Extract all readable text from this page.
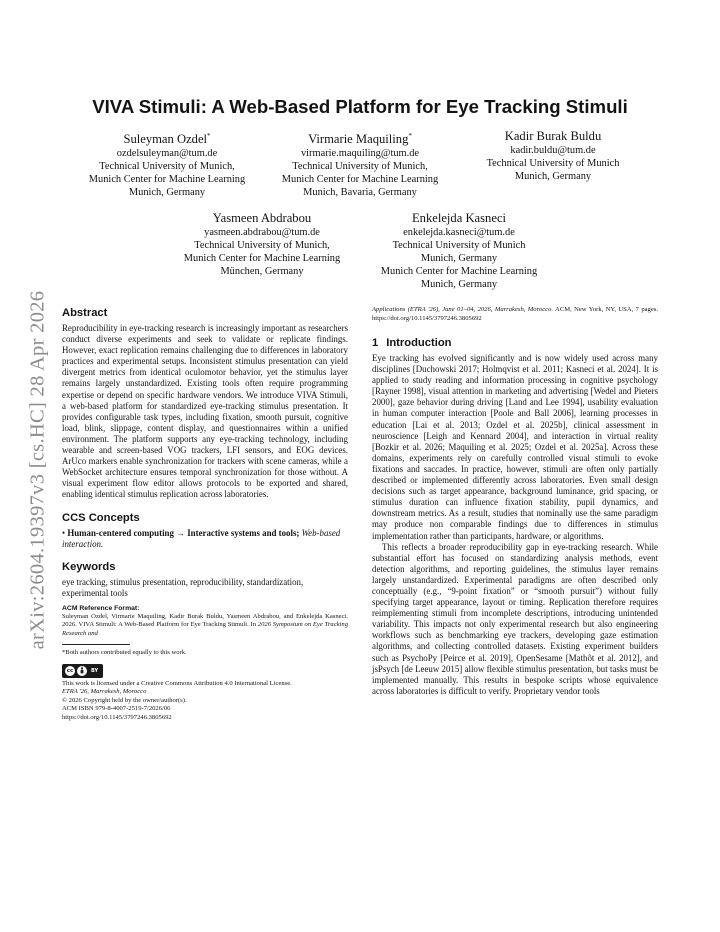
arXiv:2604.19397v3 [cs.HC] 28 Apr 2026
VIVA Stimuli: A Web-Based Platform for Eye Tracking Stimuli
Suleyman Ozdel*
ozdelsuleyman@tum.de
Technical University of Munich,
Munich Center for Machine Learning
Munich, Germany
Virmarie Maquiling*
virmarie.maquiling@tum.de
Technical University of Munich,
Munich Center for Machine Learning
Munich, Bavaria, Germany
Kadir Burak Buldu
kadir.buldu@tum.de
Technical University of Munich
Munich, Germany
Yasmeen Abdrabou
yasmeen.abdrabou@tum.de
Technical University of Munich,
Munich Center for Machine Learning
München, Germany
Enkelejda Kasneci
enkelejda.kasneci@tum.de
Technical University of Munich
Munich, Germany
Munich Center for Machine Learning
Munich, Germany
Abstract

Reproducibility in eye-tracking research is increasingly important as researchers conduct diverse experiments and seek to validate or replicate findings. However, exact replication remains challenging due to differences in laboratory practices and experimental setups. Inconsistent stimulus presentation can yield divergent metrics from identical oculomotor behavior, yet the stimulus layer remains largely unstandardized. Existing tools often require programming expertise or depend on specific hardware vendors. We introduce VIVA Stimuli, a web-based platform for standardized eye-tracking stimulus presentation. It provides configurable task types, including fixation, smooth pursuit, cognitive load, blink, slippage, content display, and questionnaires within a unified environment. The platform supports any eye-tracking technology, including wearable and screen-based VOG trackers, LFI sensors, and EOG devices. ArUco markers enable synchronization for trackers with scene cameras, while a WebSocket architecture ensures temporal synchronization for those without. A visual experiment flow editor allows protocols to be exported and shared, enabling identical stimulus replication across laboratories.

CCS Concepts

• Human-centered computing → Interactive systems and tools; Web-based interaction.

Keywords

eye tracking, stimulus presentation, reproducibility, standardization, experimental tools

ACM Reference Format:

Suleyman Ozdel, Virmarie Maquiling, Kadir Burak Buldu, Yasmeen Abdrabou, and Enkelejda Kasneci. 2026. VIVA Stimuli: A Web-Based Platform for Eye Tracking Stimuli. In 2026 Symposium on Eye Tracking Research and

*Both authors contributed equally to this work.

cc	BY

This work is licensed under a Creative Commons Attribution 4.0 International License.

ETRA '26, Marrakesh, Morocco

© 2026 Copyright held by the owner/author(s).

ACM ISBN 979-8-4007-2519-7/2026/06

https://doi.org/10.1145/3797246.3805692

Applications (ETRA '26), June 01–04, 2026, Marrakesh, Morocco. ACM, New York, NY, USA, 7 pages. https://doi.org/10.1145/3797246.3805692

1 Introduction

Eye tracking has evolved significantly and is now widely used across many disciplines [Duchowski 2017; Holmqvist et al. 2011; Kasneci et al. 2024]. It is applied to study reading and information processing in cognitive psychology [Rayner 1998], visual attention in marketing and advertising [Wedel and Pieters 2000], gaze behavior during driving [Land and Lee 1994], usability evaluation in human computer interaction [Poole and Ball 2006], learning processes in education [Lai et al. 2013; Ozdel et al. 2025b], clinical assessment in neuroscience [Leigh and Kennard 2004], and interaction in virtual reality [Bozkir et al. 2026; Maquiling et al. 2025; Ozdel et al. 2025a]. Across these domains, experiments rely on carefully controlled visual stimuli to evoke fixations and saccades. In practice, however, stimuli are often only partially described or implemented differently across laboratories. Even small design decisions such as target appearance, background luminance, grid spacing, or stimulus duration can influence fixation stability, pupil dynamics, and downstream metrics. As a result, studies that nominally use the same paradigm may produce non comparable findings due to differences in stimulus implementation rather than participants, hardware, or algorithms.

This reflects a broader reproducibility gap in eye-tracking research. While substantial effort has focused on standardizing analysis methods, event detection algorithms, and reporting guidelines, the stimulus layer remains largely unstandardized. Experimental paradigms are often described only conceptually (e.g., “9-point fixation” or “smooth pursuit”) without fully specifying target appearance, layout or timing. Replication therefore requires reimplementing stimuli from incomplete descriptions, introducing unintended variability. This impacts not only experimental research but also engineering workflows such as benchmarking eye trackers, developing gaze estimation algorithms, and collecting controlled datasets. Existing experiment builders such as PsychoPy [Peirce et al. 2019], OpenSesame [Mathôt et al. 2012], and jsPsych [de Leeuw 2015] allow flexible stimulus presentation, but tasks must be implemented manually. This results in bespoke scripts whose equivalence across laboratories is difficult to verify. Proprietary vendor tools
